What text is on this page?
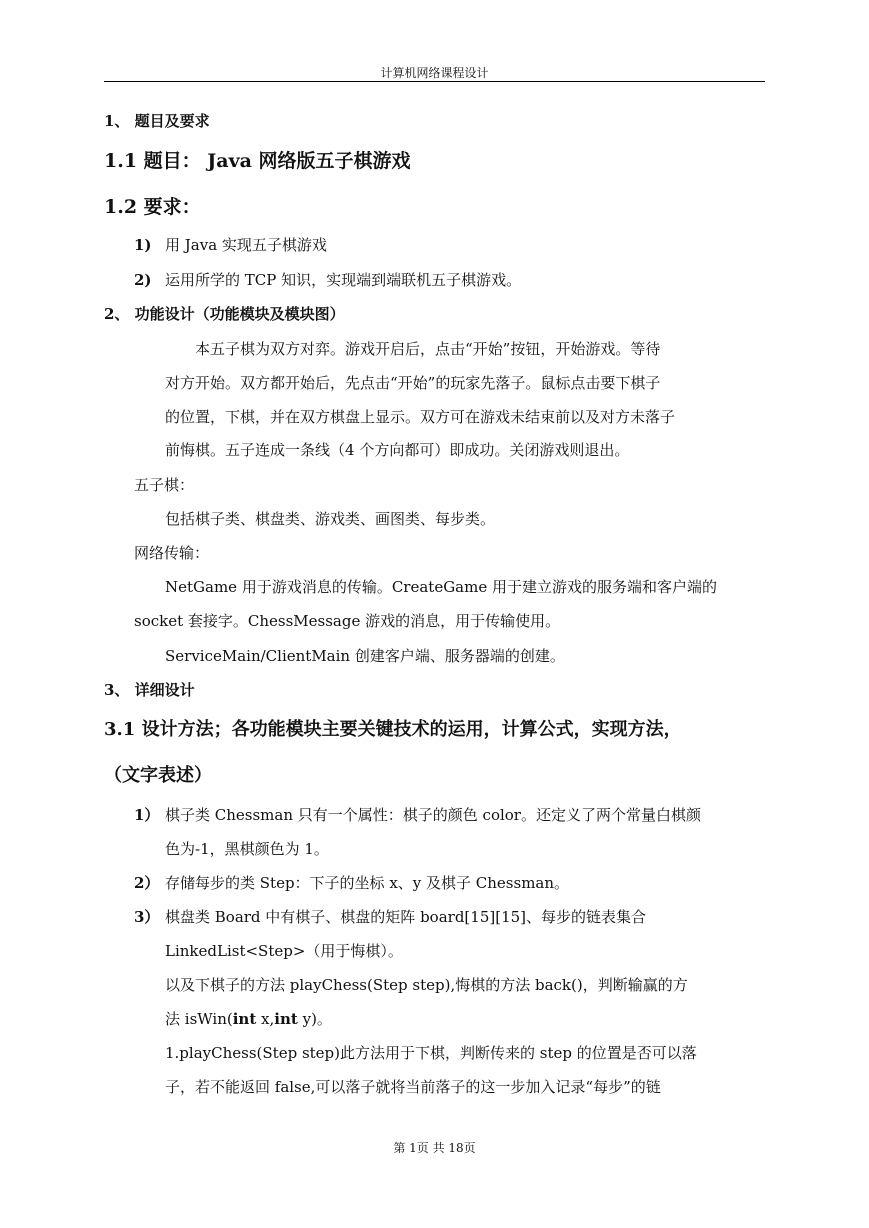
计算机网络课程设计
1、 题目及要求
1.1 题目： Java 网络版五子棋游戏
1.2 要求：
1) 用 Java 实现五子棋游戏
2) 运用所学的 TCP 知识，实现端到端联机五子棋游戏。
2、 功能设计（功能模块及模块图）
本五子棋为双方对弈。游戏开启后，点击“开始”按钮，开始游戏。等待
对方开始。双方都开始后，先点击“开始”的玩家先落子。鼠标点击要下棋子
的位置，下棋，并在双方棋盘上显示。双方可在游戏未结束前以及对方未落子
前悔棋。五子连成一条线（4 个方向都可）即成功。关闭游戏则退出。
五子棋：
包括棋子类、棋盘类、游戏类、画图类、每步类。
网络传输：
NetGame 用于游戏消息的传输。CreateGame 用于建立游戏的服务端和客户端的
socket 套接字。ChessMessage 游戏的消息，用于传输使用。
ServiceMain/ClientMain 创建客户端、服务器端的创建。
3、 详细设计
3.1 设计方法；各功能模块主要关键技术的运用，计算公式，实现方法，
（文字表述）
1） 棋子类 Chessman 只有一个属性：棋子的颜色 color。还定义了两个常量白棋颜
色为-1，黑棋颜色为 1。
2） 存储每步的类 Step：下子的坐标 x、y 及棋子 Chessman。
3） 棋盘类 Board 中有棋子、棋盘的矩阵 board[15][15]、每步的链表集合
LinkedList<Step>（用于悔棋）。
以及下棋子的方法 playChess(Step step),悔棋的方法 back()，判断输赢的方
法 isWin(int x,int y)。
1.playChess(Step step)此方法用于下棋，判断传来的 step 的位置是否可以落
子，若不能返回 false,可以落子就将当前落子的这一步加入记录“每步”的链
第 1页 共 18页
